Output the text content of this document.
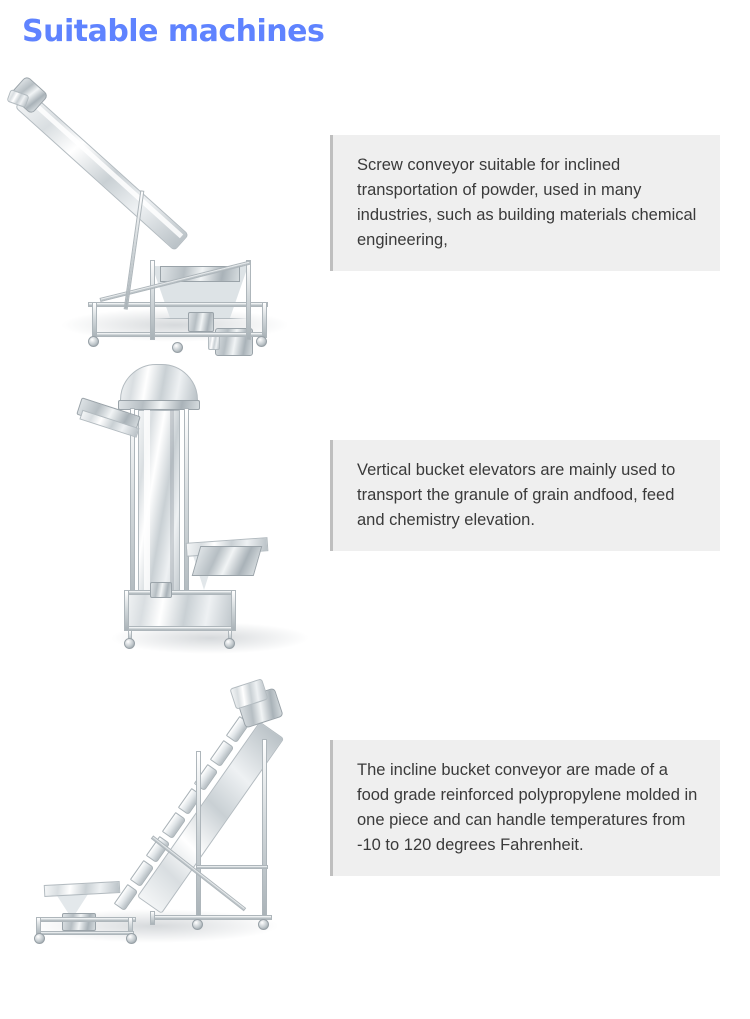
Suitable machines
Screw conveyor suitable for inclined transportation of powder, used in many industries, such as building materials chemical engineering,
Vertical bucket elevators are mainly used to transport the granule of grain andfood, feed and chemistry elevation.
The incline bucket conveyor are made of a food grade reinforced polypropylene molded in one piece and can handle temperatures from -10 to 120 degrees Fahrenheit.
